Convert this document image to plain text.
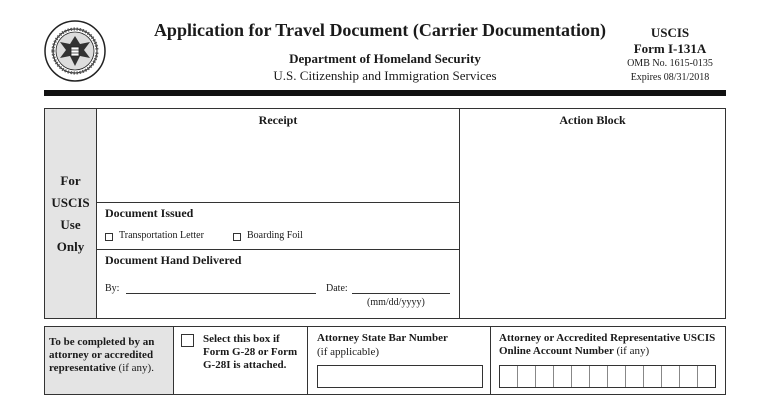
Application for Travel Document (Carrier Documentation)
Department of Homeland Security
U.S. Citizenship and Immigration Services
USCIS
Form I-131A
OMB No. 1615-0135
Expires 08/31/2018
For
USCIS
Use
Only
Receipt	Action Block
Document Issued
Transportation Letter	Boarding Foil
Document Hand Delivered
By:	Date:
(mm/dd/yyyy)
To be completed by an attorney or accredited representative (if any).
Select this box if Form G-28 or Form G-28I is attached.
Attorney State Bar Number
(if applicable)
Attorney or Accredited Representative USCIS Online Account Number (if any)
